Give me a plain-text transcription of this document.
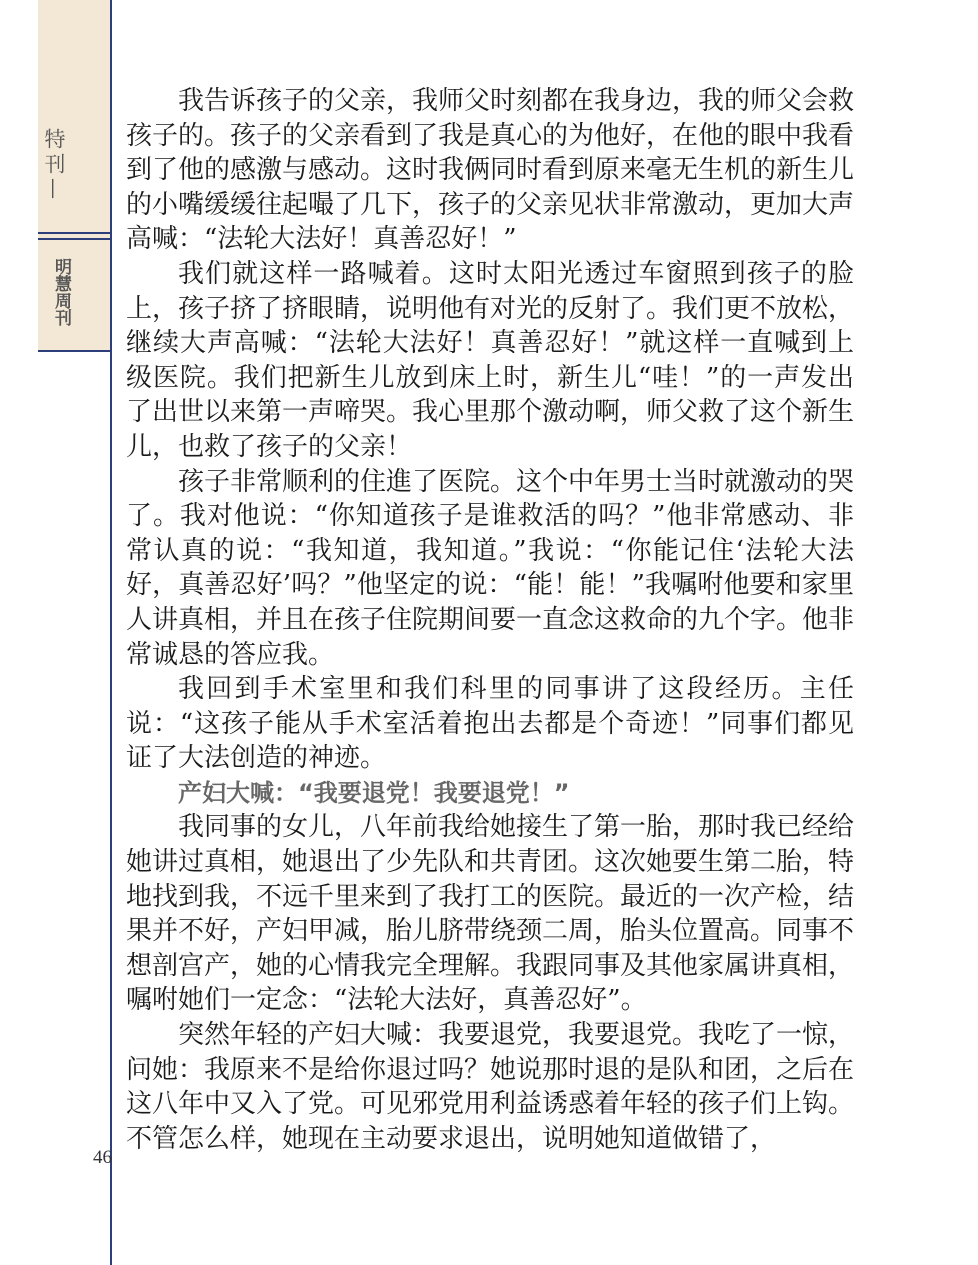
特刊—
明慧周刊
46

我告诉孩子的父亲，我师父时刻都在我身边，我的师父会救孩子的。孩子的父亲看到了我是真心的为他好，在他的眼中我看到了他的感激与感动。这时我俩同时看到原来毫无生机的新生儿的小嘴缓缓往起嘬了几下，孩子的父亲见状非常激动，更加大声高喊：“法轮大法好！真善忍好！”

我们就这样一路喊着。这时太阳光透过车窗照到孩子的脸上，孩子挤了挤眼睛，说明他有对光的反射了。我们更不放松，继续大声高喊：“法轮大法好！真善忍好！”就这样一直喊到上级医院。我们把新生儿放到床上时，新生儿“哇！”的一声发出了出世以来第一声啼哭。我心里那个激动啊，师父救了这个新生儿，也救了孩子的父亲！

孩子非常顺利的住進了医院。这个中年男士当时就激动的哭了。我对他说：“你知道孩子是谁救活的吗？”他非常感动、非常认真的说：“我知道，我知道。”我说：“你能记住‘法轮大法好，真善忍好’吗？”他坚定的说：“能！能！”我嘱咐他要和家里人讲真相，并且在孩子住院期间要一直念这救命的九个字。他非常诚恳的答应我。

我回到手术室里和我们科里的同事讲了这段经历。主任说：“这孩子能从手术室活着抱出去都是个奇迹！”同事们都见证了大法创造的神迹。

产妇大喊：“我要退党！我要退党！”

我同事的女儿，八年前我给她接生了第一胎，那时我已经给她讲过真相，她退出了少先队和共青团。这次她要生第二胎，特地找到我，不远千里来到了我打工的医院。最近的一次产检，结果并不好，产妇甲减，胎儿脐带绕颈二周，胎头位置高。同事不想剖宫产，她的心情我完全理解。我跟同事及其他家属讲真相，嘱咐她们一定念：“法轮大法好，真善忍好”。

突然年轻的产妇大喊：我要退党，我要退党。我吃了一惊，问她：我原来不是给你退过吗？她说那时退的是队和团，之后在这八年中又入了党。可见邪党用利益诱惑着年轻的孩子们上钩。不管怎么样，她现在主动要求退出，说明她知道做错了，
